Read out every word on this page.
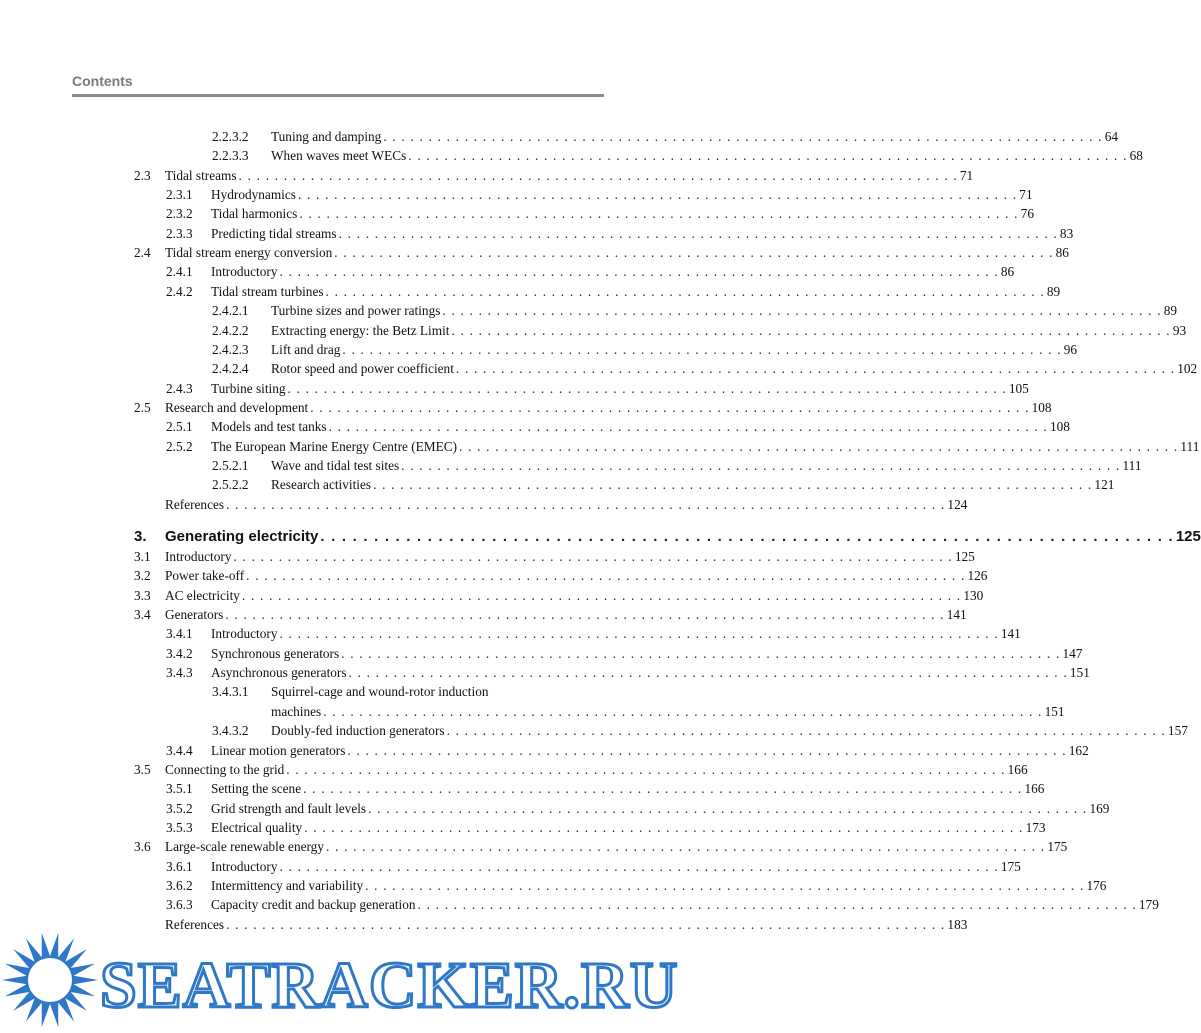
Contents
2.2.3.2 Tuning and damping . . . . . . . . . . . . . . . . . . . . . . . . . . . . . . . . . . . . . . . . . . . . . . . . . . . . . . . . . . . . . . . . . . . . . . . . . . . . . . . . 64
2.2.3.3 When waves meet WECs . . . . . . . . . . . . . . . . . . . . . . . . . . . . . . . . . . . . . . . . . . . . . . . . . . . . . . . . . . . . . . . . . . . . . . . . . . . . . . . . 68
2.3 Tidal streams . . . . . . . . . . . . . . . . . . . . . . . . . . . . . . . . . . . . . . . . . . . . . . . . . . . . . . . . . . . . . . . . . . . . . . . . . . . . . . . . 71
2.3.1 Hydrodynamics . . . . . . . . . . . . . . . . . . . . . . . . . . . . . . . . . . . . . . . . . . . . . . . . . . . . . . . . . . . . . . . . . . . . . . . . . . . . . . . . 71
2.3.2 Tidal harmonics . . . . . . . . . . . . . . . . . . . . . . . . . . . . . . . . . . . . . . . . . . . . . . . . . . . . . . . . . . . . . . . . . . . . . . . . . . . . . . . . 76
2.3.3 Predicting tidal streams . . . . . . . . . . . . . . . . . . . . . . . . . . . . . . . . . . . . . . . . . . . . . . . . . . . . . . . . . . . . . . . . . . . . . . . . . . . . . . . . 83
2.4 Tidal stream energy conversion . . . . . . . . . . . . . . . . . . . . . . . . . . . . . . . . . . . . . . . . . . . . . . . . . . . . . . . . . . . . . . . . . . . . . . . . . . . . . . . . 86
2.4.1 Introductory . . . . . . . . . . . . . . . . . . . . . . . . . . . . . . . . . . . . . . . . . . . . . . . . . . . . . . . . . . . . . . . . . . . . . . . . . . . . . . . . 86
2.4.2 Tidal stream turbines . . . . . . . . . . . . . . . . . . . . . . . . . . . . . . . . . . . . . . . . . . . . . . . . . . . . . . . . . . . . . . . . . . . . . . . . . . . . . . . . 89
2.4.2.1 Turbine sizes and power ratings . . . . . . . . . . . . . . . . . . . . . . . . . . . . . . . . . . . . . . . . . . . . . . . . . . . . . . . . . . . . . . . . . . . . . . . . . . . . . . . . 89
2.4.2.2 Extracting energy: the Betz Limit . . . . . . . . . . . . . . . . . . . . . . . . . . . . . . . . . . . . . . . . . . . . . . . . . . . . . . . . . . . . . . . . . . . . . . . . . . . . . . . . 93
2.4.2.3 Lift and drag . . . . . . . . . . . . . . . . . . . . . . . . . . . . . . . . . . . . . . . . . . . . . . . . . . . . . . . . . . . . . . . . . . . . . . . . . . . . . . . . 96
2.4.2.4 Rotor speed and power coefficient . . . . . . . . . . . . . . . . . . . . . . . . . . . . . . . . . . . . . . . . . . . . . . . . . . . . . . . . . . . . . . . . . . . . . . . . . . . . . . . . 102
2.4.3 Turbine siting . . . . . . . . . . . . . . . . . . . . . . . . . . . . . . . . . . . . . . . . . . . . . . . . . . . . . . . . . . . . . . . . . . . . . . . . . . . . . . . . 105
2.5 Research and development . . . . . . . . . . . . . . . . . . . . . . . . . . . . . . . . . . . . . . . . . . . . . . . . . . . . . . . . . . . . . . . . . . . . . . . . . . . . . . . . 108
2.5.1 Models and test tanks . . . . . . . . . . . . . . . . . . . . . . . . . . . . . . . . . . . . . . . . . . . . . . . . . . . . . . . . . . . . . . . . . . . . . . . . . . . . . . . . 108
2.5.2 The European Marine Energy Centre (EMEC) . . . . . . . . . . . . . . . . . . . . . . . . . . . . . . . . . . . . . . . . . . . . . . . . . . . . . . . . . . . . . . . . . . . . . . . . . . . . . . . . 111
2.5.2.1 Wave and tidal test sites . . . . . . . . . . . . . . . . . . . . . . . . . . . . . . . . . . . . . . . . . . . . . . . . . . . . . . . . . . . . . . . . . . . . . . . . . . . . . . . . 111
2.5.2.2 Research activities . . . . . . . . . . . . . . . . . . . . . . . . . . . . . . . . . . . . . . . . . . . . . . . . . . . . . . . . . . . . . . . . . . . . . . . . . . . . . . . . 121
References . . . . . . . . . . . . . . . . . . . . . . . . . . . . . . . . . . . . . . . . . . . . . . . . . . . . . . . . . . . . . . . . . . . . . . . . . . . . . . . . 124
3. Generating electricity . . . . . . . . . . . . . . . . . . . . . . . . . . . . . . . . . . . . . . . . . . . . . . . . . . . . . . . . . . . . . . . . . . . . . . . . . . . . . . . . 125
3.1 Introductory . . . . . . . . . . . . . . . . . . . . . . . . . . . . . . . . . . . . . . . . . . . . . . . . . . . . . . . . . . . . . . . . . . . . . . . . . . . . . . . . 125
3.2 Power take-off . . . . . . . . . . . . . . . . . . . . . . . . . . . . . . . . . . . . . . . . . . . . . . . . . . . . . . . . . . . . . . . . . . . . . . . . . . . . . . . . 126
3.3 AC electricity . . . . . . . . . . . . . . . . . . . . . . . . . . . . . . . . . . . . . . . . . . . . . . . . . . . . . . . . . . . . . . . . . . . . . . . . . . . . . . . . 130
3.4 Generators . . . . . . . . . . . . . . . . . . . . . . . . . . . . . . . . . . . . . . . . . . . . . . . . . . . . . . . . . . . . . . . . . . . . . . . . . . . . . . . . 141
3.4.1 Introductory . . . . . . . . . . . . . . . . . . . . . . . . . . . . . . . . . . . . . . . . . . . . . . . . . . . . . . . . . . . . . . . . . . . . . . . . . . . . . . . . 141
3.4.2 Synchronous generators . . . . . . . . . . . . . . . . . . . . . . . . . . . . . . . . . . . . . . . . . . . . . . . . . . . . . . . . . . . . . . . . . . . . . . . . . . . . . . . . 147
3.4.3 Asynchronous generators . . . . . . . . . . . . . . . . . . . . . . . . . . . . . . . . . . . . . . . . . . . . . . . . . . . . . . . . . . . . . . . . . . . . . . . . . . . . . . . . 151
3.4.3.1 Squirrel-cage and wound-rotor induction
machines . . . . . . . . . . . . . . . . . . . . . . . . . . . . . . . . . . . . . . . . . . . . . . . . . . . . . . . . . . . . . . . . . . . . . . . . . . . . . . . . 151
3.4.3.2 Doubly-fed induction generators . . . . . . . . . . . . . . . . . . . . . . . . . . . . . . . . . . . . . . . . . . . . . . . . . . . . . . . . . . . . . . . . . . . . . . . . . . . . . . . . 157
3.4.4 Linear motion generators . . . . . . . . . . . . . . . . . . . . . . . . . . . . . . . . . . . . . . . . . . . . . . . . . . . . . . . . . . . . . . . . . . . . . . . . . . . . . . . . 162
3.5 Connecting to the grid . . . . . . . . . . . . . . . . . . . . . . . . . . . . . . . . . . . . . . . . . . . . . . . . . . . . . . . . . . . . . . . . . . . . . . . . . . . . . . . . 166
3.5.1 Setting the scene . . . . . . . . . . . . . . . . . . . . . . . . . . . . . . . . . . . . . . . . . . . . . . . . . . . . . . . . . . . . . . . . . . . . . . . . . . . . . . . . 166
3.5.2 Grid strength and fault levels . . . . . . . . . . . . . . . . . . . . . . . . . . . . . . . . . . . . . . . . . . . . . . . . . . . . . . . . . . . . . . . . . . . . . . . . . . . . . . . . 169
3.5.3 Electrical quality . . . . . . . . . . . . . . . . . . . . . . . . . . . . . . . . . . . . . . . . . . . . . . . . . . . . . . . . . . . . . . . . . . . . . . . . . . . . . . . . 173
3.6 Large-scale renewable energy . . . . . . . . . . . . . . . . . . . . . . . . . . . . . . . . . . . . . . . . . . . . . . . . . . . . . . . . . . . . . . . . . . . . . . . . . . . . . . . . 175
3.6.1 Introductory . . . . . . . . . . . . . . . . . . . . . . . . . . . . . . . . . . . . . . . . . . . . . . . . . . . . . . . . . . . . . . . . . . . . . . . . . . . . . . . . 175
3.6.2 Intermittency and variability . . . . . . . . . . . . . . . . . . . . . . . . . . . . . . . . . . . . . . . . . . . . . . . . . . . . . . . . . . . . . . . . . . . . . . . . . . . . . . . . 176
3.6.3 Capacity credit and backup generation . . . . . . . . . . . . . . . . . . . . . . . . . . . . . . . . . . . . . . . . . . . . . . . . . . . . . . . . . . . . . . . . . . . . . . . . . . . . . . . . 179
References . . . . . . . . . . . . . . . . . . . . . . . . . . . . . . . . . . . . . . . . . . . . . . . . . . . . . . . . . . . . . . . . . . . . . . . . . . . . . . . . 183
SEATRACKER.RU
